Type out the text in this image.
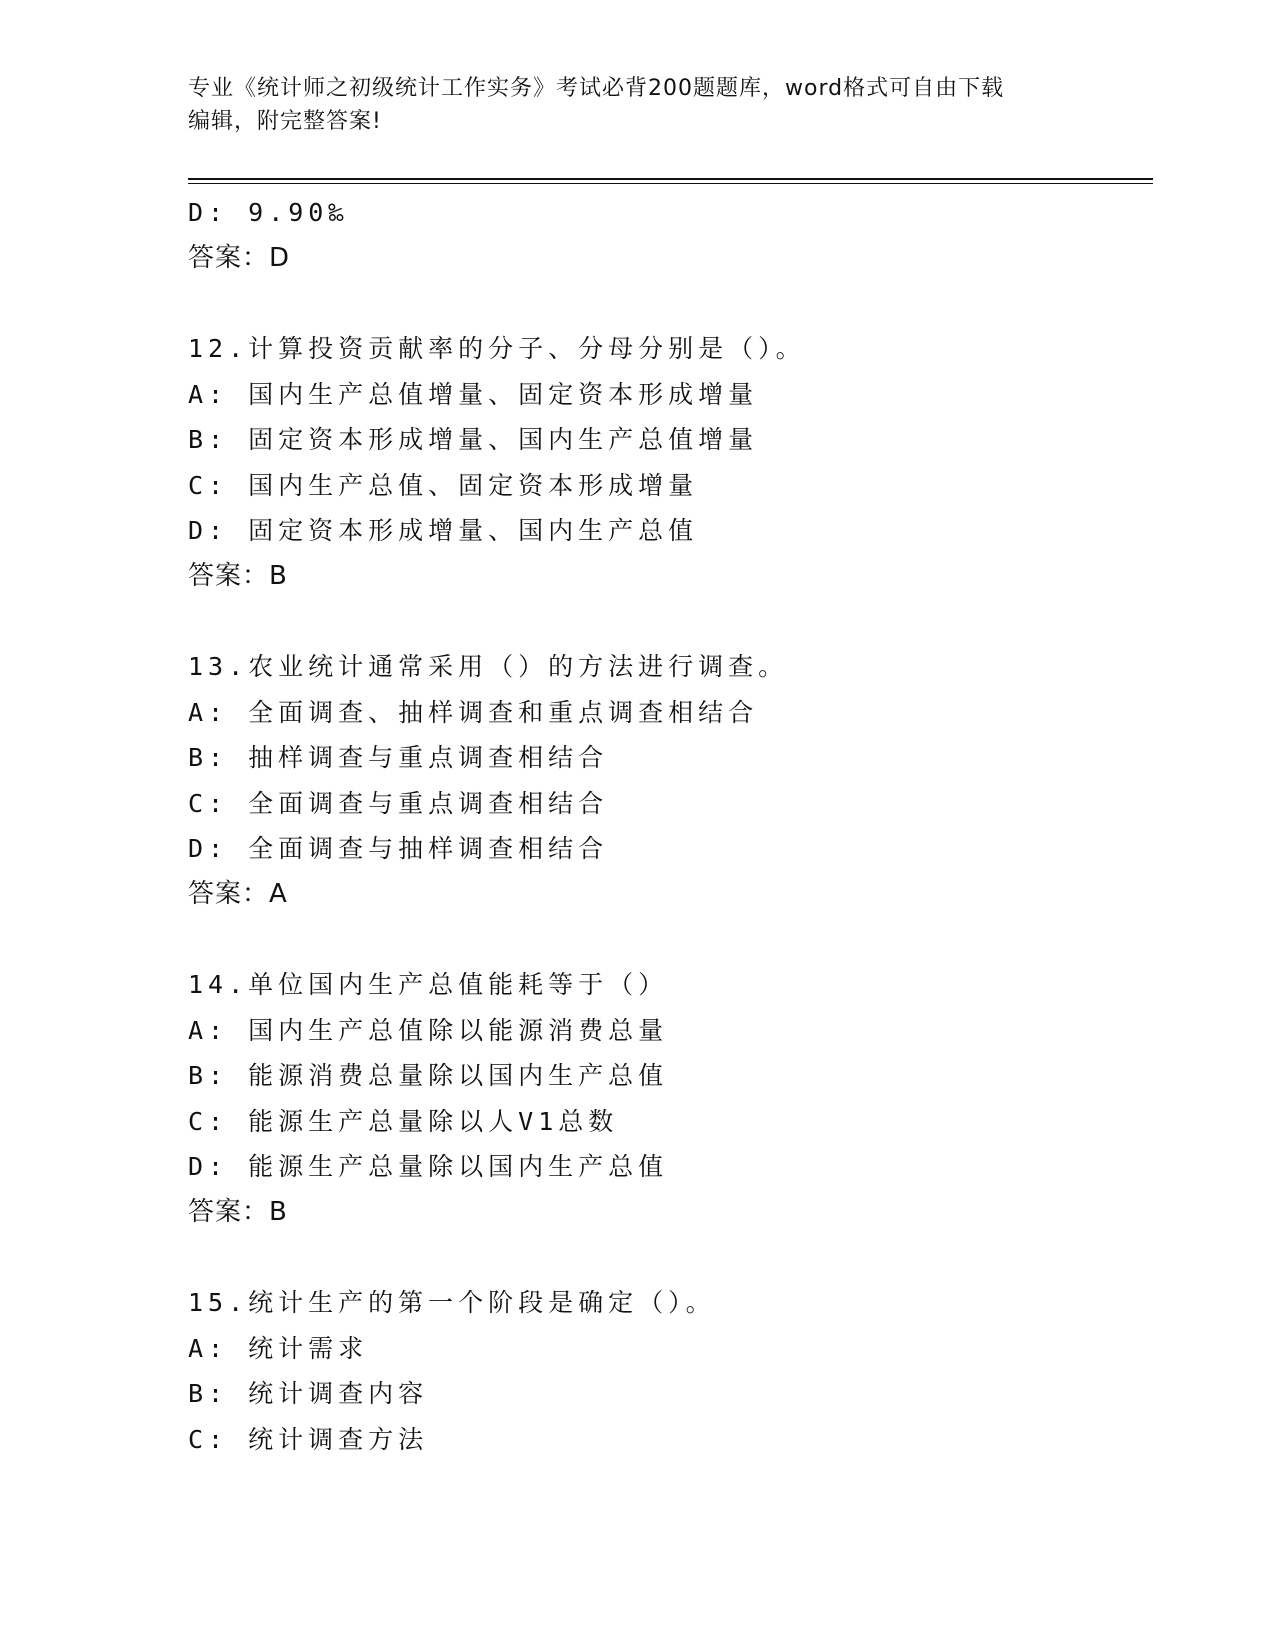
专业《统计师之初级统计工作实务》考试必背200题题库，word格式可自由下载
编辑，附完整答案!
D: 9.90‰
答案：D
12.计算投资贡献率的分子、分母分别是（）。
A: 国内生产总值增量、固定资本形成增量
B: 固定资本形成增量、国内生产总值增量
C: 国内生产总值、固定资本形成增量
D: 固定资本形成增量、国内生产总值
答案：B
13.农业统计通常采用（）的方法进行调查。
A: 全面调查、抽样调查和重点调查相结合
B: 抽样调查与重点调查相结合
C: 全面调查与重点调查相结合
D: 全面调查与抽样调查相结合
答案：A
14.单位国内生产总值能耗等于（）
A: 国内生产总值除以能源消费总量
B: 能源消费总量除以国内生产总值
C: 能源生产总量除以人V1总数
D: 能源生产总量除以国内生产总值
答案：B
15.统计生产的第一个阶段是确定（）。
A: 统计需求
B: 统计调查内容
C: 统计调查方法
